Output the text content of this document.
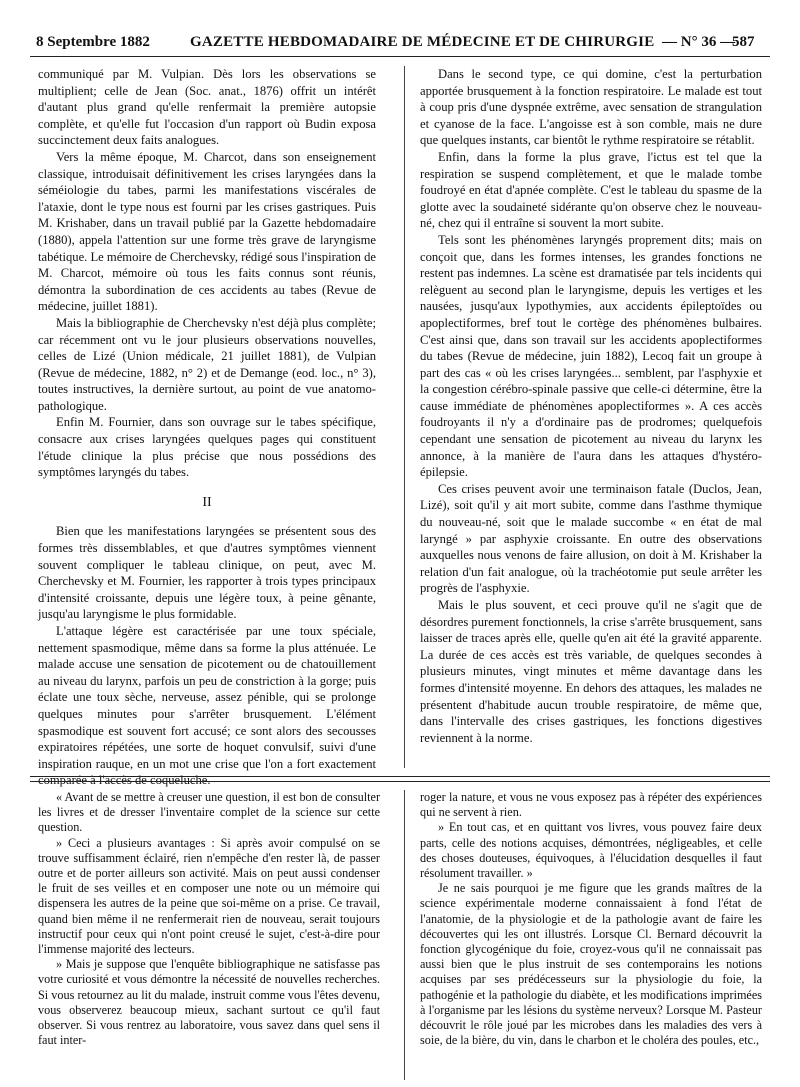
8 Septembre 1882	GAZETTE HEBDOMADAIRE DE MÉDECINE ET DE CHIRURGIE — N° 36 —
587

communiqué par M. Vulpian. Dès lors les observations se multiplient; celle de Jean (Soc. anat., 1876) offrit un intérêt d'autant plus grand qu'elle renfermait la première autopsie complète, et qu'elle fut l'occasion d'un rapport où Budin exposa succinctement deux faits analogues.

Vers la même époque, M. Charcot, dans son enseignement classique, introduisait définitivement les crises laryngées dans la séméiologie du tabes, parmi les manifestations viscérales de l'ataxie, dont le type nous est fourni par les crises gastriques. Puis M. Krishaber, dans un travail publié par la Gazette hebdomadaire (1880), appela l'attention sur une forme très grave de laryngisme tabétique. Le mémoire de Cherchevsky, rédigé sous l'inspiration de M. Charcot, mémoire où tous les faits connus sont réunis, démontra la subordination de ces accidents au tabes (Revue de médecine, juillet 1881).

Mais la bibliographie de Cherchevsky n'est déjà plus complète; car récemment ont vu le jour plusieurs observations nouvelles, celles de Lizé (Union médicale, 21 juillet 1881), de Vulpian (Revue de médecine, 1882, n° 2) et de Demange (eod. loc., n° 3), toutes instructives, la dernière surtout, au point de vue anatomo-pathologique.

Enfin M. Fournier, dans son ouvrage sur le tabes spécifique, consacre aux crises laryngées quelques pages qui constituent l'étude clinique la plus précise que nous possédions des symptômes laryngés du tabes.

II

Bien que les manifestations laryngées se présentent sous des formes très dissemblables, et que d'autres symptômes viennent souvent compliquer le tableau clinique, on peut, avec M. Cherchevsky et M. Fournier, les rapporter à trois types principaux d'intensité croissante, depuis une légère toux, à peine gênante, jusqu'au laryngisme le plus formidable.

L'attaque légère est caractérisée par une toux spéciale, nettement spasmodique, même dans sa forme la plus atténuée. Le malade accuse une sensation de picotement ou de chatouillement au niveau du larynx, parfois un peu de constriction à la gorge; puis éclate une toux sèche, nerveuse, assez pénible, qui se prolonge quelques minutes pour s'arrêter brusquement. L'élément spasmodique est souvent fort accusé; ce sont alors des secousses expiratoires répétées, une sorte de hoquet convulsif, suivi d'une inspiration rauque, en un mot une crise que l'on a fort exactement comparée à l'accès de coqueluche.

Dans le second type, ce qui domine, c'est la perturbation apportée brusquement à la fonction respiratoire. Le malade est tout à coup pris d'une dyspnée extrême, avec sensation de strangulation et cyanose de la face. L'angoisse est à son comble, mais ne dure que quelques instants, car bientôt le rythme respiratoire se rétablit.

Enfin, dans la forme la plus grave, l'ictus est tel que la respiration se suspend complètement, et que le malade tombe foudroyé en état d'apnée complète. C'est le tableau du spasme de la glotte avec la soudaineté sidérante qu'on observe chez le nouveau-né, chez qui il entraîne si souvent la mort subite.

Tels sont les phénomènes laryngés proprement dits; mais on conçoit que, dans les formes intenses, les grandes fonctions ne restent pas indemnes. La scène est dramatisée par tels incidents qui relèguent au second plan le laryngisme, depuis les vertiges et les nausées, jusqu'aux lypothymies, aux accidents épileptoïdes ou apoplectiformes, bref tout le cortège des phénomènes bulbaires. C'est ainsi que, dans son travail sur les accidents apoplectiformes du tabes (Revue de médecine, juin 1882), Lecoq fait un groupe à part des cas « où les crises laryngées... semblent, par l'asphyxie et la congestion cérébro-spinale passive que celle-ci détermine, être la cause immédiate de phénomènes apoplectiformes ». A ces accès foudroyants il n'y a d'ordinaire pas de prodromes; quelquefois cependant une sensation de picotement au niveau du larynx les annonce, à la manière de l'aura dans les attaques d'hystéro-épilepsie.

Ces crises peuvent avoir une terminaison fatale (Duclos, Jean, Lizé), soit qu'il y ait mort subite, comme dans l'asthme thymique du nouveau-né, soit que le malade succombe « en état de mal laryngé » par asphyxie croissante. En outre des observations auxquelles nous venons de faire allusion, on doit à M. Krishaber la relation d'un fait analogue, où la trachéotomie put seule arrêter les progrès de l'asphyxie.

Mais le plus souvent, et ceci prouve qu'il ne s'agit que de désordres purement fonctionnels, la crise s'arrête brusquement, sans laisser de traces après elle, quelle qu'en ait été la gravité apparente. La durée de ces accès est très variable, de quelques secondes à plusieurs minutes, vingt minutes et même davantage dans les formes d'intensité moyenne. En dehors des attaques, les malades ne présentent d'habitude aucun trouble respiratoire, de même que, dans l'intervalle des crises gastriques, les fonctions digestives reviennent à la norme.

« Avant de se mettre à creuser une question, il est bon de consulter les livres et de dresser l'inventaire complet de la science sur cette question.

» Ceci a plusieurs avantages : Si après avoir compulsé on se trouve suffisamment éclairé, rien n'empêche d'en rester là, de passer outre et de porter ailleurs son activité. Mais on peut aussi condenser le fruit de ses veilles et en composer une note ou un mémoire qui dispensera les autres de la peine que soi-même on a prise. Ce travail, quand bien même il ne renfermerait rien de nouveau, serait toujours instructif pour ceux qui n'ont point creusé le sujet, c'est-à-dire pour l'immense majorité des lecteurs.

» Mais je suppose que l'enquête bibliographique ne satisfasse pas votre curiosité et vous démontre la nécessité de nouvelles recherches. Si vous retournez au lit du malade, instruit comme vous l'êtes devenu, vous observerez beaucoup mieux, sachant surtout ce qu'il faut observer. Si vous rentrez au laboratoire, vous savez dans quel sens il faut inter-

roger la nature, et vous ne vous exposez pas à répéter des expériences qui ne servent à rien.

» En tout cas, et en quittant vos livres, vous pouvez faire deux parts, celle des notions acquises, démontrées, négligeables, et celle des choses douteuses, équivoques, à l'élucidation desquelles il faut résolument travailler. »

Je ne sais pourquoi je me figure que les grands maîtres de la science expérimentale moderne connaissaient à fond l'état de l'anatomie, de la physiologie et de la pathologie avant de faire les découvertes qui les ont illustrés. Lorsque Cl. Bernard découvrit la fonction glycogénique du foie, croyez-vous qu'il ne connaissait pas aussi bien que le plus instruit de ses contemporains les notions acquises par ses prédécesseurs sur la physiologie du foie, la pathogénie et la pathologie du diabète, et les modifications imprimées à l'organisme par les lésions du système nerveux? Lorsque M. Pasteur découvrit le rôle joué par les microbes dans les maladies des vers à soie, de la bière, du vin, dans le charbon et le choléra des poules, etc.,
